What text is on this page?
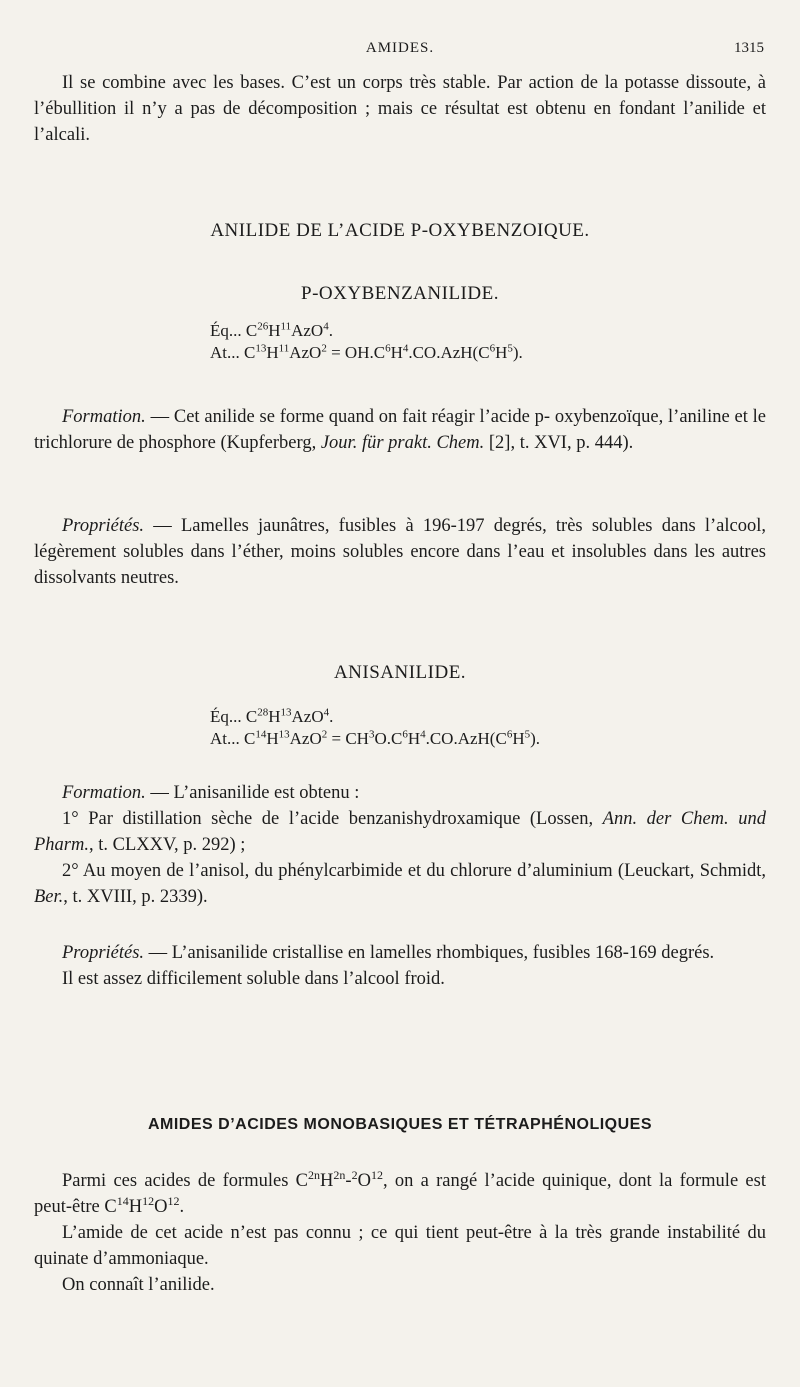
AMIDES.	1315

Il se combine avec les bases. C’est un corps très stable. Par action de la potasse dissoute, à l’ébullition il n’y a pas de décomposition ; mais ce résultat est obtenu en fondant l’anilide et l’alcali.

ANILIDE DE L’ACIDE P-OXYBENZOIQUE.
P-OXYBENZANILIDE.
Éq... $C^{26}H^{11}AzO^4$.
At... $C^{13}H^{11}AzO^2 = OH.C^6H^4.CO.AzH(C^6H^5)$.

Formation. — Cet anilide se forme quand on fait réagir l’acide p- oxybenzoïque, l’aniline et le trichlorure de phosphore (Kupferberg, Jour. für prakt. Chem. [2], t. XVI, p. 444).

Propriétés. — Lamelles jaunâtres, fusibles à 196-197 degrés, très solubles dans l’alcool, légèrement solubles dans l’éther, moins solubles encore dans l’eau et insolubles dans les autres dissolvants neutres.

ANISANILIDE.
Éq... $C^{28}H^{13}AzO^4$.
At... $C^{14}H^{13}AzO^2 = CH^3O.C^6H^4.CO.AzH(C^6H^5)$.

Formation. — L’anisanilide est obtenu :

1° Par distillation sèche de l’acide benzanishydroxamique (Lossen, Ann. der Chem. und Pharm., t. CLXXV, p. 292) ;

2° Au moyen de l’anisol, du phénylcarbimide et du chlorure d’aluminium (Leuckart, Schmidt, Ber., t. XVIII, p. 2339).

Propriétés. — L’anisanilide cristallise en lamelles rhombiques, fusibles 168-169 degrés.

Il est assez difficilement soluble dans l’alcool froid.

AMIDES D’ACIDES MONOBASIQUES ET TÉTRAPHÉNOLIQUES

Parmi ces acides de formules $C^{2n}H^{2n}-^2O^{12}$, on a rangé l’acide quinique, dont la formule est peut-être $C^{14}H^{12}O^{12}$.

L’amide de cet acide n’est pas connu ; ce qui tient peut-être à la très grande instabilité du quinate d’ammoniaque.

On connaît l’anilide.
